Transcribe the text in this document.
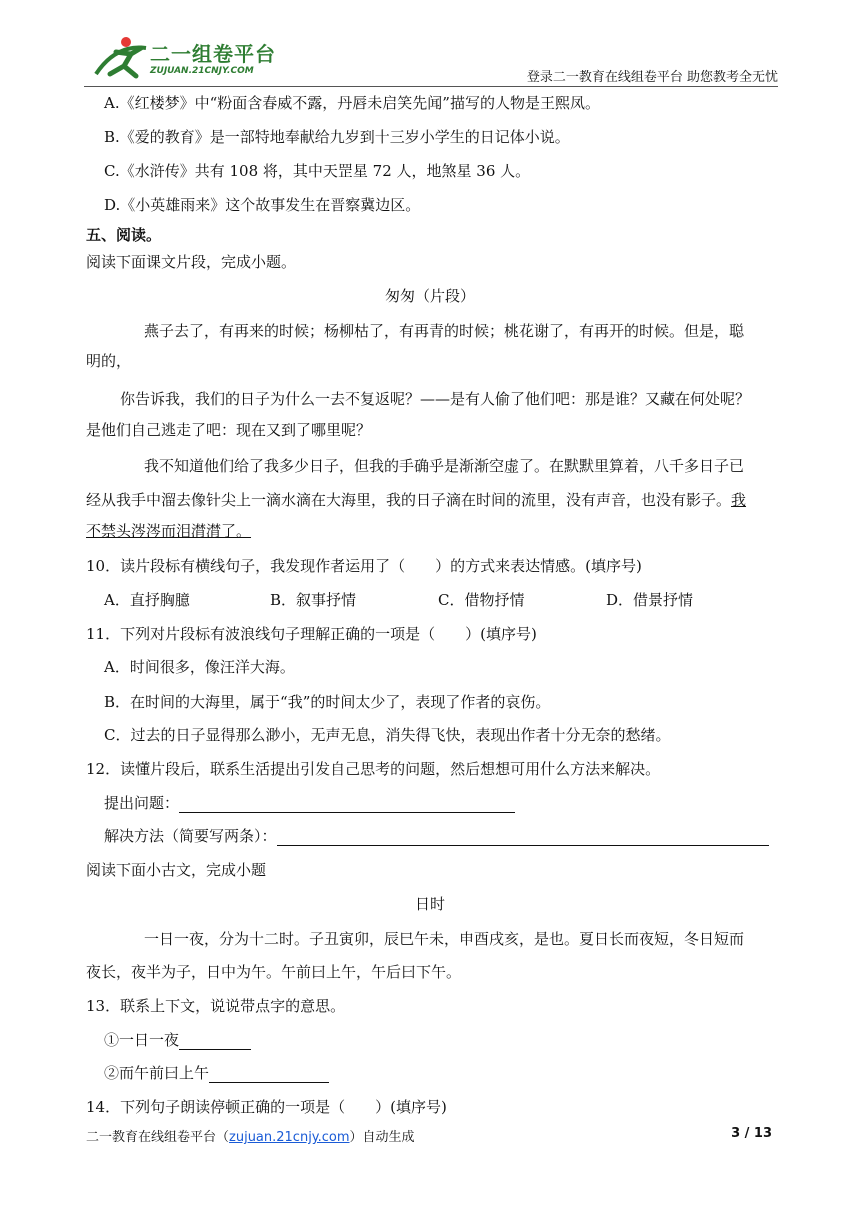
二一组卷平台
ZUJUAN.21CNJY.COM	登录二一教育在线组卷平台 助您教考全无忧
A.《红楼梦》中“粉面含春威不露，丹唇未启笑先闻”描写的人物是王熙凤。
B.《爱的教育》是一部特地奉献给九岁到十三岁小学生的日记体小说。
C.《水浒传》共有 108 将，其中天罡星 72 人，地煞星 36 人。
D.《小英雄雨来》这个故事发生在晋察冀边区。
五、阅读。
阅读下面课文片段，完成小题。
匆匆（片段）
燕子去了，有再来的时候；杨柳枯了，有再青的时候；桃花谢了，有再开的时候。但是，聪
明的，
你告诉我，我们的日子为什么一去不复返呢？——是有人偷了他们吧：那是谁？又藏在何处呢？
是他们自己逃走了吧：现在又到了哪里呢？
我不知道他们给了我多少日子，但我的手确乎是渐渐空虚了。在默默里算着，八千多日子已
经从我手中溜去像针尖上一滴水滴在大海里，我的日子滴在时间的流里，没有声音，也没有影子。我
不禁头涔涔而泪潸潸了。
10．读片段标有横线句子，我发现作者运用了（　　）的方式来表达情感。(填序号)
A．直抒胸臆	B．叙事抒情	C．借物抒情	D．借景抒情
11．下列对片段标有波浪线句子理解正确的一项是（　　）(填序号)
A．时间很多，像汪洋大海。
B．在时间的大海里，属于“我”的时间太少了，表现了作者的哀伤。
C．过去的日子显得那么渺小，无声无息，消失得飞快，表现出作者十分无奈的愁绪。
12．读懂片段后，联系生活提出引发自己思考的问题，然后想想可用什么方法来解决。
提出问题：
解决方法（简要写两条）：
阅读下面小古文，完成小题
日时
一日一夜，分为十二时。子丑寅卯，辰巳午未，申酉戌亥，是也。夏日长而夜短，冬日短而
夜长，夜半为子，日中为午。午前曰上午，午后曰下午。
13．联系上下文，说说带点字的意思。
①一日一夜
②而午前曰上午
14．下列句子朗读停顿正确的一项是（　　）(填序号)
二一教育在线组卷平台（zujuan.21cnjy.com）自动生成	3 / 13
